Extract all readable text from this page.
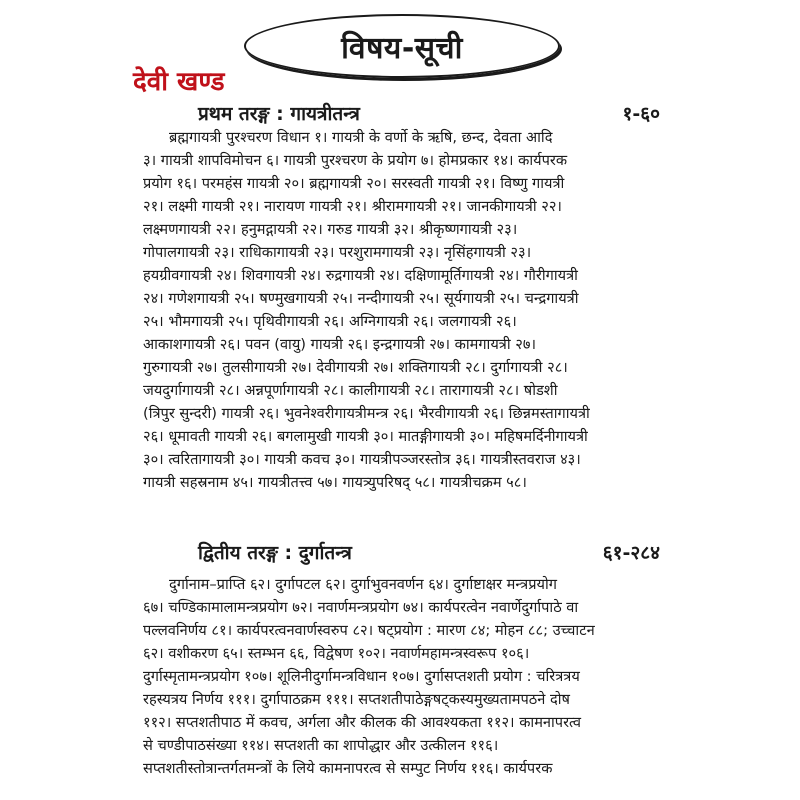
विषय-सूची
देवी खण्ड
प्रथम तरङ्ग : गायत्रीतन्त्र	१-६०
ब्रह्मगायत्री पुरश्चरण विधान १। गायत्री के वर्णो के ऋषि, छन्द, देवता आदि
३। गायत्री शापविमोचन ६। गायत्री पुरश्चरण के प्रयोग ७। होमप्रकार १४। कार्यपरक
प्रयोग १६। परमहंस गायत्री २०। ब्रह्मगायत्री २०। सरस्वती गायत्री २१। विष्णु गायत्री
२१। लक्ष्मी गायत्री २१। नारायण गायत्री २१। श्रीरामगायत्री २१। जानकीगायत्री २२।
लक्ष्मणगायत्री २२। हनुमद्गायत्री २२। गरुड गायत्री ३२। श्रीकृष्णगायत्री २३।
गोपालगायत्री २३। राधिकागायत्री २३। परशुरामगायत्री २३। नृसिंहगायत्री २३।
हयग्रीवगायत्री २४। शिवगायत्री २४। रुद्रगायत्री २४। दक्षिणामूर्तिगायत्री २४। गौरीगायत्री
२४। गणेशगायत्री २५। षण्मुखगायत्री २५। नन्दीगायत्री २५। सूर्यगायत्री २५। चन्द्रगायत्री
२५। भौमगायत्री २५। पृथिवीगायत्री २६। अग्निगायत्री २६। जलगायत्री २६।
आकाशगायत्री २६। पवन (वायु) गायत्री २६। इन्द्रगायत्री २७। कामगायत्री २७।
गुरुगायत्री २७। तुलसीगायत्री २७। देवीगायत्री २७। शक्तिगायत्री २८। दुर्गागायत्री २८।
जयदुर्गागायत्री २८। अन्नपूर्णागायत्री २८। कालीगायत्री २८। तारागायत्री २८। षोडशी
(त्रिपुर सुन्दरी) गायत्री २६। भुवनेश्वरीगायत्रीमन्त्र २६। भैरवीगायत्री २६। छिन्नमस्तागायत्री
२६। धूमावती गायत्री २६। बगलामुखी गायत्री ३०। मातङ्गीगायत्री ३०। महिषमर्दिनीगायत्री
३०। त्वरितागायत्री ३०। गायत्री कवच ३०। गायत्रीपञ्जरस्तोत्र ३६। गायत्रीस्तवराज ४३।
गायत्री सहस्रनाम ४५। गायत्रीतत्त्व ५७। गायत्र्युपरिषद् ५८। गायत्रीचक्रम ५८।
द्वितीय तरङ्ग : दुर्गातन्त्र	६१-२८४
दुर्गानाम–प्राप्ति ६२। दुर्गापटल ६२। दुर्गाभुवनवर्णन ६४। दुर्गाष्टाक्षर मन्त्रप्रयोग
६७। चण्डिकामालामन्त्रप्रयोग ७२। नवार्णमन्त्रप्रयोग ७४। कार्यपरत्वेन नवार्णेदुर्गापाठे वा
पल्लवनिर्णय ८१। कार्यपरत्वनवार्णस्वरुप ८२। षट्प्रयोग : मारण ८४; मोहन ८८; उच्चाटन
६२। वशीकरण ६५। स्तम्भन ६६, विद्वेषण १०२। नवार्णमहामन्त्रस्वरूप १०६।
दुर्गास्मृतामन्त्रप्रयोग १०७। शूलिनीदुर्गामन्त्रविधान १०७। दुर्गासप्तशती प्रयोग : चरित्रत्रय
रहस्यत्रय निर्णय १११। दुर्गापाठक्रम १११। सप्तशतीपाठेङ्गषट्कस्यमुख्यतामपठने दोष
११२। सप्तशतीपाठ में कवच, अर्गला और कीलक की आवश्यकता ११२। कामनापरत्व
से चण्डीपाठसंख्या ११४। सप्तशती का शापोद्धार और उत्कीलन ११६।
सप्तशतीस्तोत्रान्तर्गतमन्त्रों के लिये कामनापरत्व से सम्पुट निर्णय ११६। कार्यपरक
